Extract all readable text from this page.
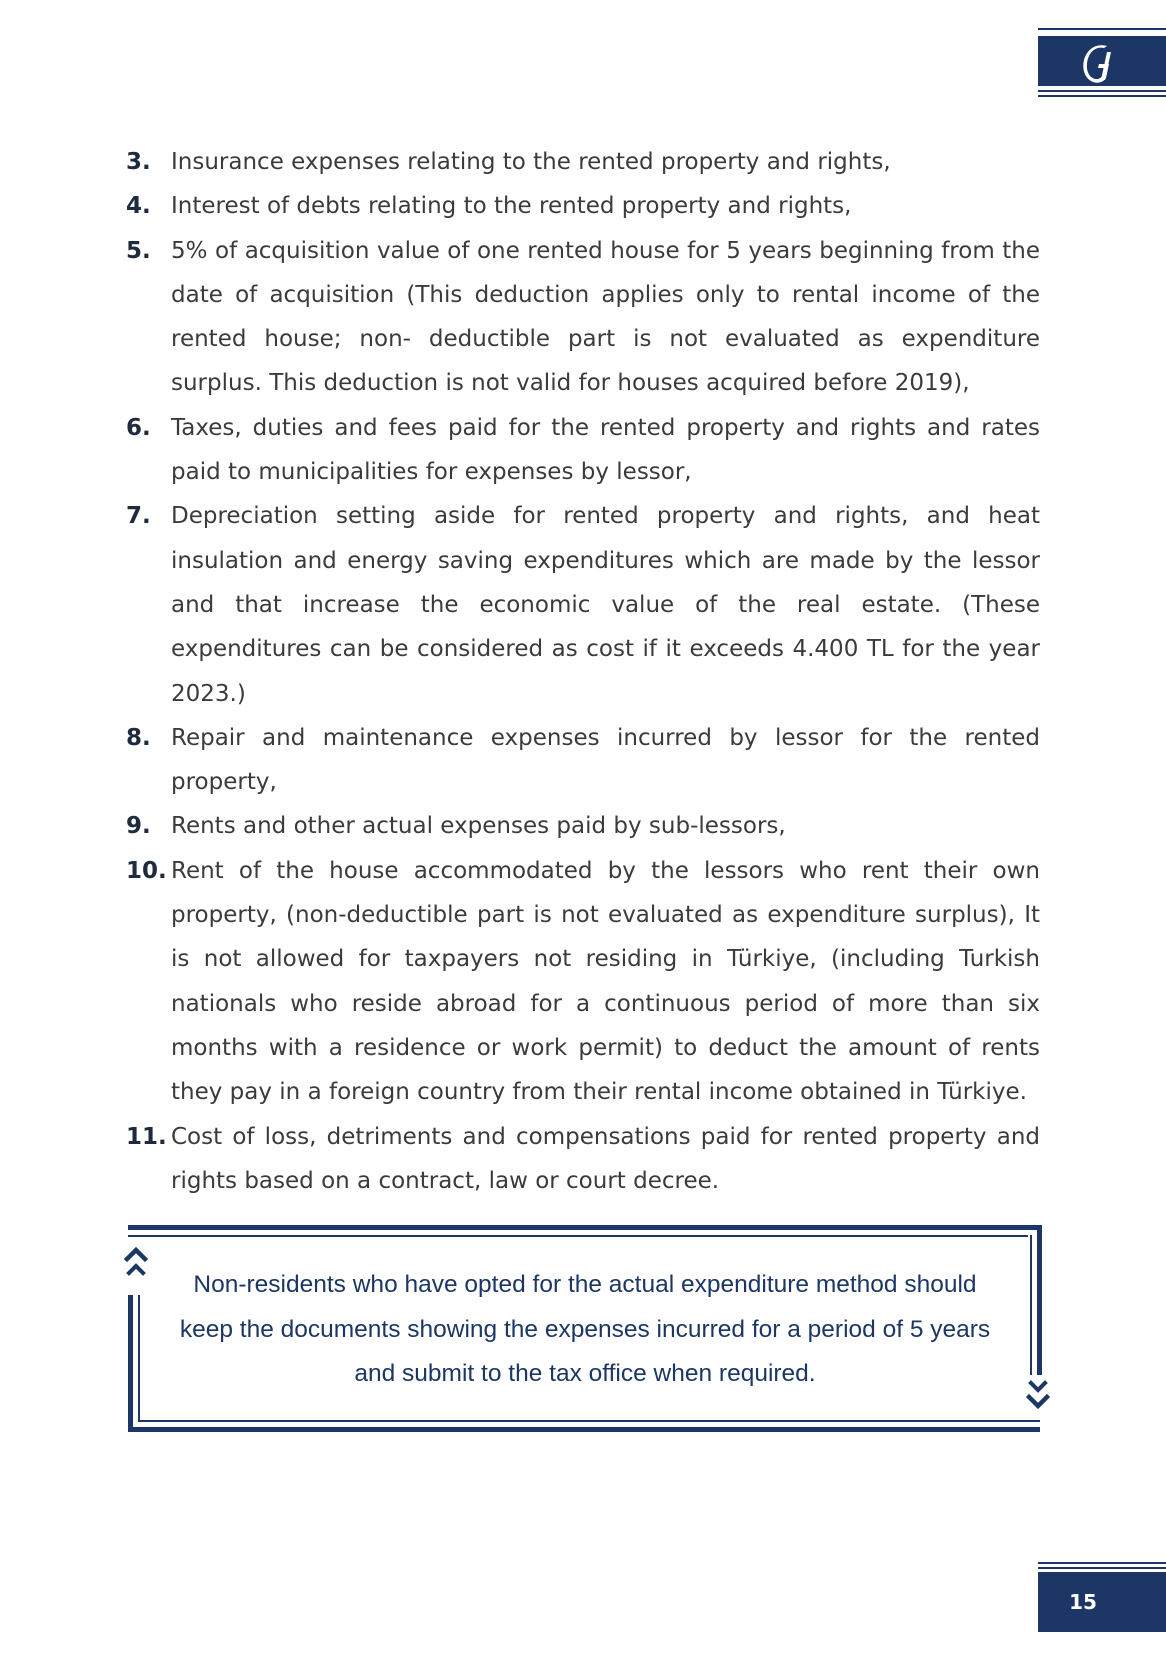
3. Insurance expenses relating to the rented property and rights,
4. Interest of debts relating to the rented property and rights,
5. 5% of acquisition value of one rented house for 5 years beginning from the date of acquisition (This deduction applies only to rental income of the rented house; non- deductible part is not evaluated as expenditure surplus. This deduction is not valid for houses acquired before 2019),
6. Taxes, duties and fees paid for the rented property and rights and rates paid to municipalities for expenses by lessor,
7. Depreciation setting aside for rented property and rights, and heat insulation and energy saving expenditures which are made by the lessor and that increase the economic value of the real estate. (These expenditures can be considered as cost if it exceeds 4.400 TL for the year 2023.)
8. Repair and maintenance expenses incurred by lessor for the rented property,
9. Rents and other actual expenses paid by sub-lessors,
10. Rent of the house accommodated by the lessors who rent their own property, (non-deductible part is not evaluated as expenditure surplus), It is not allowed for taxpayers not residing in Türkiye, (including Turkish nationals who reside abroad for a continuous period of more than six months with a residence or work permit) to deduct the amount of rents they pay in a foreign country from their rental income obtained in Türkiye.
11. Cost of loss, detriments and compensations paid for rented property and rights based on a contract, law or court decree.
Non-residents who have opted for the actual expenditure method should keep the documents showing the expenses incurred for a period of 5 years and submit to the tax office when required.
15
